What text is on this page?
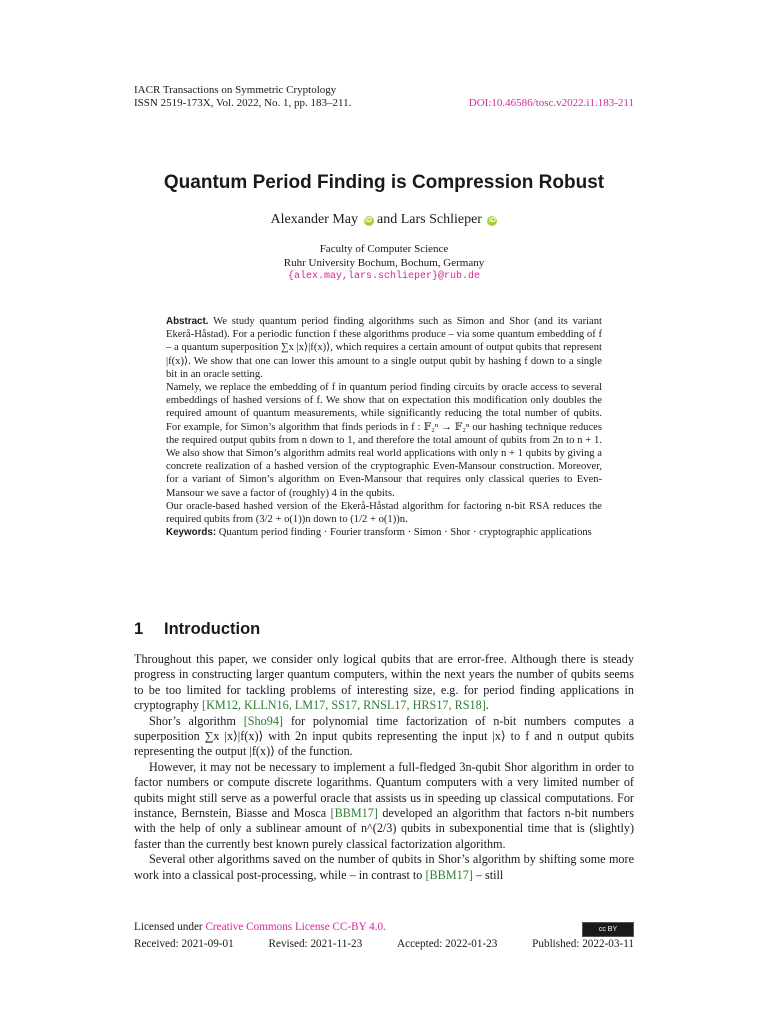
IACR Transactions on Symmetric Cryptology
ISSN 2519-173X, Vol. 2022, No. 1, pp. 183–211.	DOI:10.46586/tosc.v2022.i1.183-211
Quantum Period Finding is Compression Robust
Alexander May iD and Lars Schlieper iD
Faculty of Computer Science
Ruhr University Bochum, Bochum, Germany
{alex.may,lars.schlieper}@rub.de

Abstract. We study quantum period finding algorithms such as Simon and Shor (and its variant Ekerå-Håstad). For a periodic function f these algorithms produce – via some quantum embedding of f – a quantum superposition ∑x |x⟩|f(x)⟩, which requires a certain amount of output qubits that represent |f(x)⟩. We show that one can lower this amount to a single output qubit by hashing f down to a single bit in an oracle setting.

Namely, we replace the embedding of f in quantum period finding circuits by oracle access to several embeddings of hashed versions of f. We show that on expectation this modification only doubles the required amount of quantum measurements, while significantly reducing the total number of qubits. For example, for Simon’s algorithm that finds periods in f : 𝔽₂ⁿ → 𝔽₂ⁿ our hashing technique reduces the required output qubits from n down to 1, and therefore the total amount of qubits from 2n to n + 1. We also show that Simon’s algorithm admits real world applications with only n + 1 qubits by giving a concrete realization of a hashed version of the cryptographic Even-Mansour construction. Moreover, for a variant of Simon’s algorithm on Even-Mansour that requires only classical queries to Even-Mansour we save a factor of (roughly) 4 in the qubits.

Our oracle-based hashed version of the Ekerå-Håstad algorithm for factoring n-bit RSA reduces the required qubits from (3/2 + o(1))n down to (1/2 + o(1))n.

Keywords: Quantum period finding · Fourier transform · Simon · Shor · cryptographic applications

1 Introduction

Throughout this paper, we consider only logical qubits that are error-free. Although there is steady progress in constructing larger quantum computers, within the next years the number of qubits seems to be too limited for tackling problems of interesting size, e.g. for period finding applications in cryptography [KM12, KLLN16, LM17, SS17, RNSL17, HRS17, RS18].

Shor’s algorithm [Sho94] for polynomial time factorization of n-bit numbers computes a superposition ∑x |x⟩|f(x)⟩ with 2n input qubits representing the input |x⟩ to f and n output qubits representing the output |f(x)⟩ of the function.

However, it may not be necessary to implement a full-fledged 3n-qubit Shor algorithm in order to factor numbers or compute discrete logarithms. Quantum computers with a very limited number of qubits might still serve as a powerful oracle that assists us in speeding up classical computations. For instance, Bernstein, Biasse and Mosca [BBM17] developed an algorithm that factors n-bit numbers with the help of only a sublinear amount of n^(2/3) qubits in subexponential time that is (slightly) faster than the currently best known purely classical factorization algorithm.

Several other algorithms saved on the number of qubits in Shor’s algorithm by shifting some more work into a classical post-processing, while – in contrast to [BBM17] – still

Licensed under Creative Commons License CC-BY 4.0.	cc BY
Received: 2021-09-01	Revised: 2021-11-23	Accepted: 2022-01-23	Published: 2022-03-11
